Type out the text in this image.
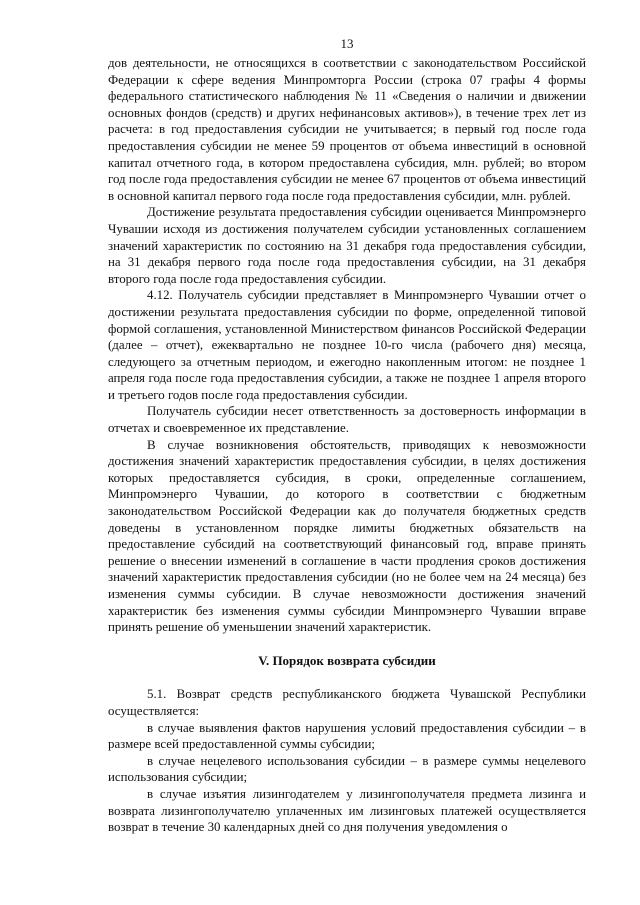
13

дов деятельности, не относящихся в соответствии с законодательством Российской Федерации к сфере ведения Минпромторга России (строка 07 графы 4 формы федерального статистического наблюдения № 11 «Сведения о наличии и движении основных фондов (средств) и других нефинансовых активов»), в течение трех лет из расчета: в год предоставления субсидии не учитывается; в первый год после года предоставления субсидии не менее 59 процентов от объема инвестиций в основной капитал отчетного года, в котором предоставлена субсидия, млн. рублей; во втором год после года предоставления субсидии не менее 67 процентов от объема инвестиций в основной капитал первого года после года предоставления субсидии, млн. рублей.

Достижение результата предоставления субсидии оценивается Минпромэнерго Чувашии исходя из достижения получателем субсидии установленных соглашением значений характеристик по состоянию на 31 декабря года предоставления субсидии, на 31 декабря первого года после года предоставления субсидии, на 31 декабря второго года после года предоставления субсидии.

4.12. Получатель субсидии представляет в Минпромэнерго Чувашии отчет о достижении результата предоставления субсидии по форме, определенной типовой формой соглашения, установленной Министерством финансов Российской Федерации (далее – отчет), ежеквартально не позднее 10-го числа (рабочего дня) месяца, следующего за отчетным периодом, и ежегодно накопленным итогом: не позднее 1 апреля года после года предоставления субсидии, а также не позднее 1 апреля второго и третьего годов после года предоставления субсидии.

Получатель субсидии несет ответственность за достоверность информации в отчетах и своевременное их представление.

В случае возникновения обстоятельств, приводящих к невозможности достижения значений характеристик предоставления субсидии, в целях достижения которых предоставляется субсидия, в сроки, определенные соглашением, Минпромэнерго Чувашии, до которого в соответствии с бюджетным законодательством Российской Федерации как до получателя бюджетных средств доведены в установленном порядке лимиты бюджетных обязательств на предоставление субсидий на соответствующий финансовый год, вправе принять решение о внесении изменений в соглашение в части продления сроков достижения значений характеристик предоставления субсидии (но не более чем на 24 месяца) без изменения суммы субсидии. В случае невозможности достижения значений характеристик без изменения суммы субсидии Минпромэнерго Чувашии вправе принять решение об уменьшении значений характеристик.

V. Порядок возврата субсидии

5.1. Возврат средств республиканского бюджета Чувашской Республики осуществляется:

в случае выявления фактов нарушения условий предоставления субсидии – в размере всей предоставленной суммы субсидии;

в случае нецелевого использования субсидии – в размере суммы нецелевого использования субсидии;

в случае изъятия лизингодателем у лизингополучателя предмета лизинга и возврата лизингополучателю уплаченных им лизинговых платежей осуществляется возврат в течение 30 календарных дней со дня получения уведомления о
